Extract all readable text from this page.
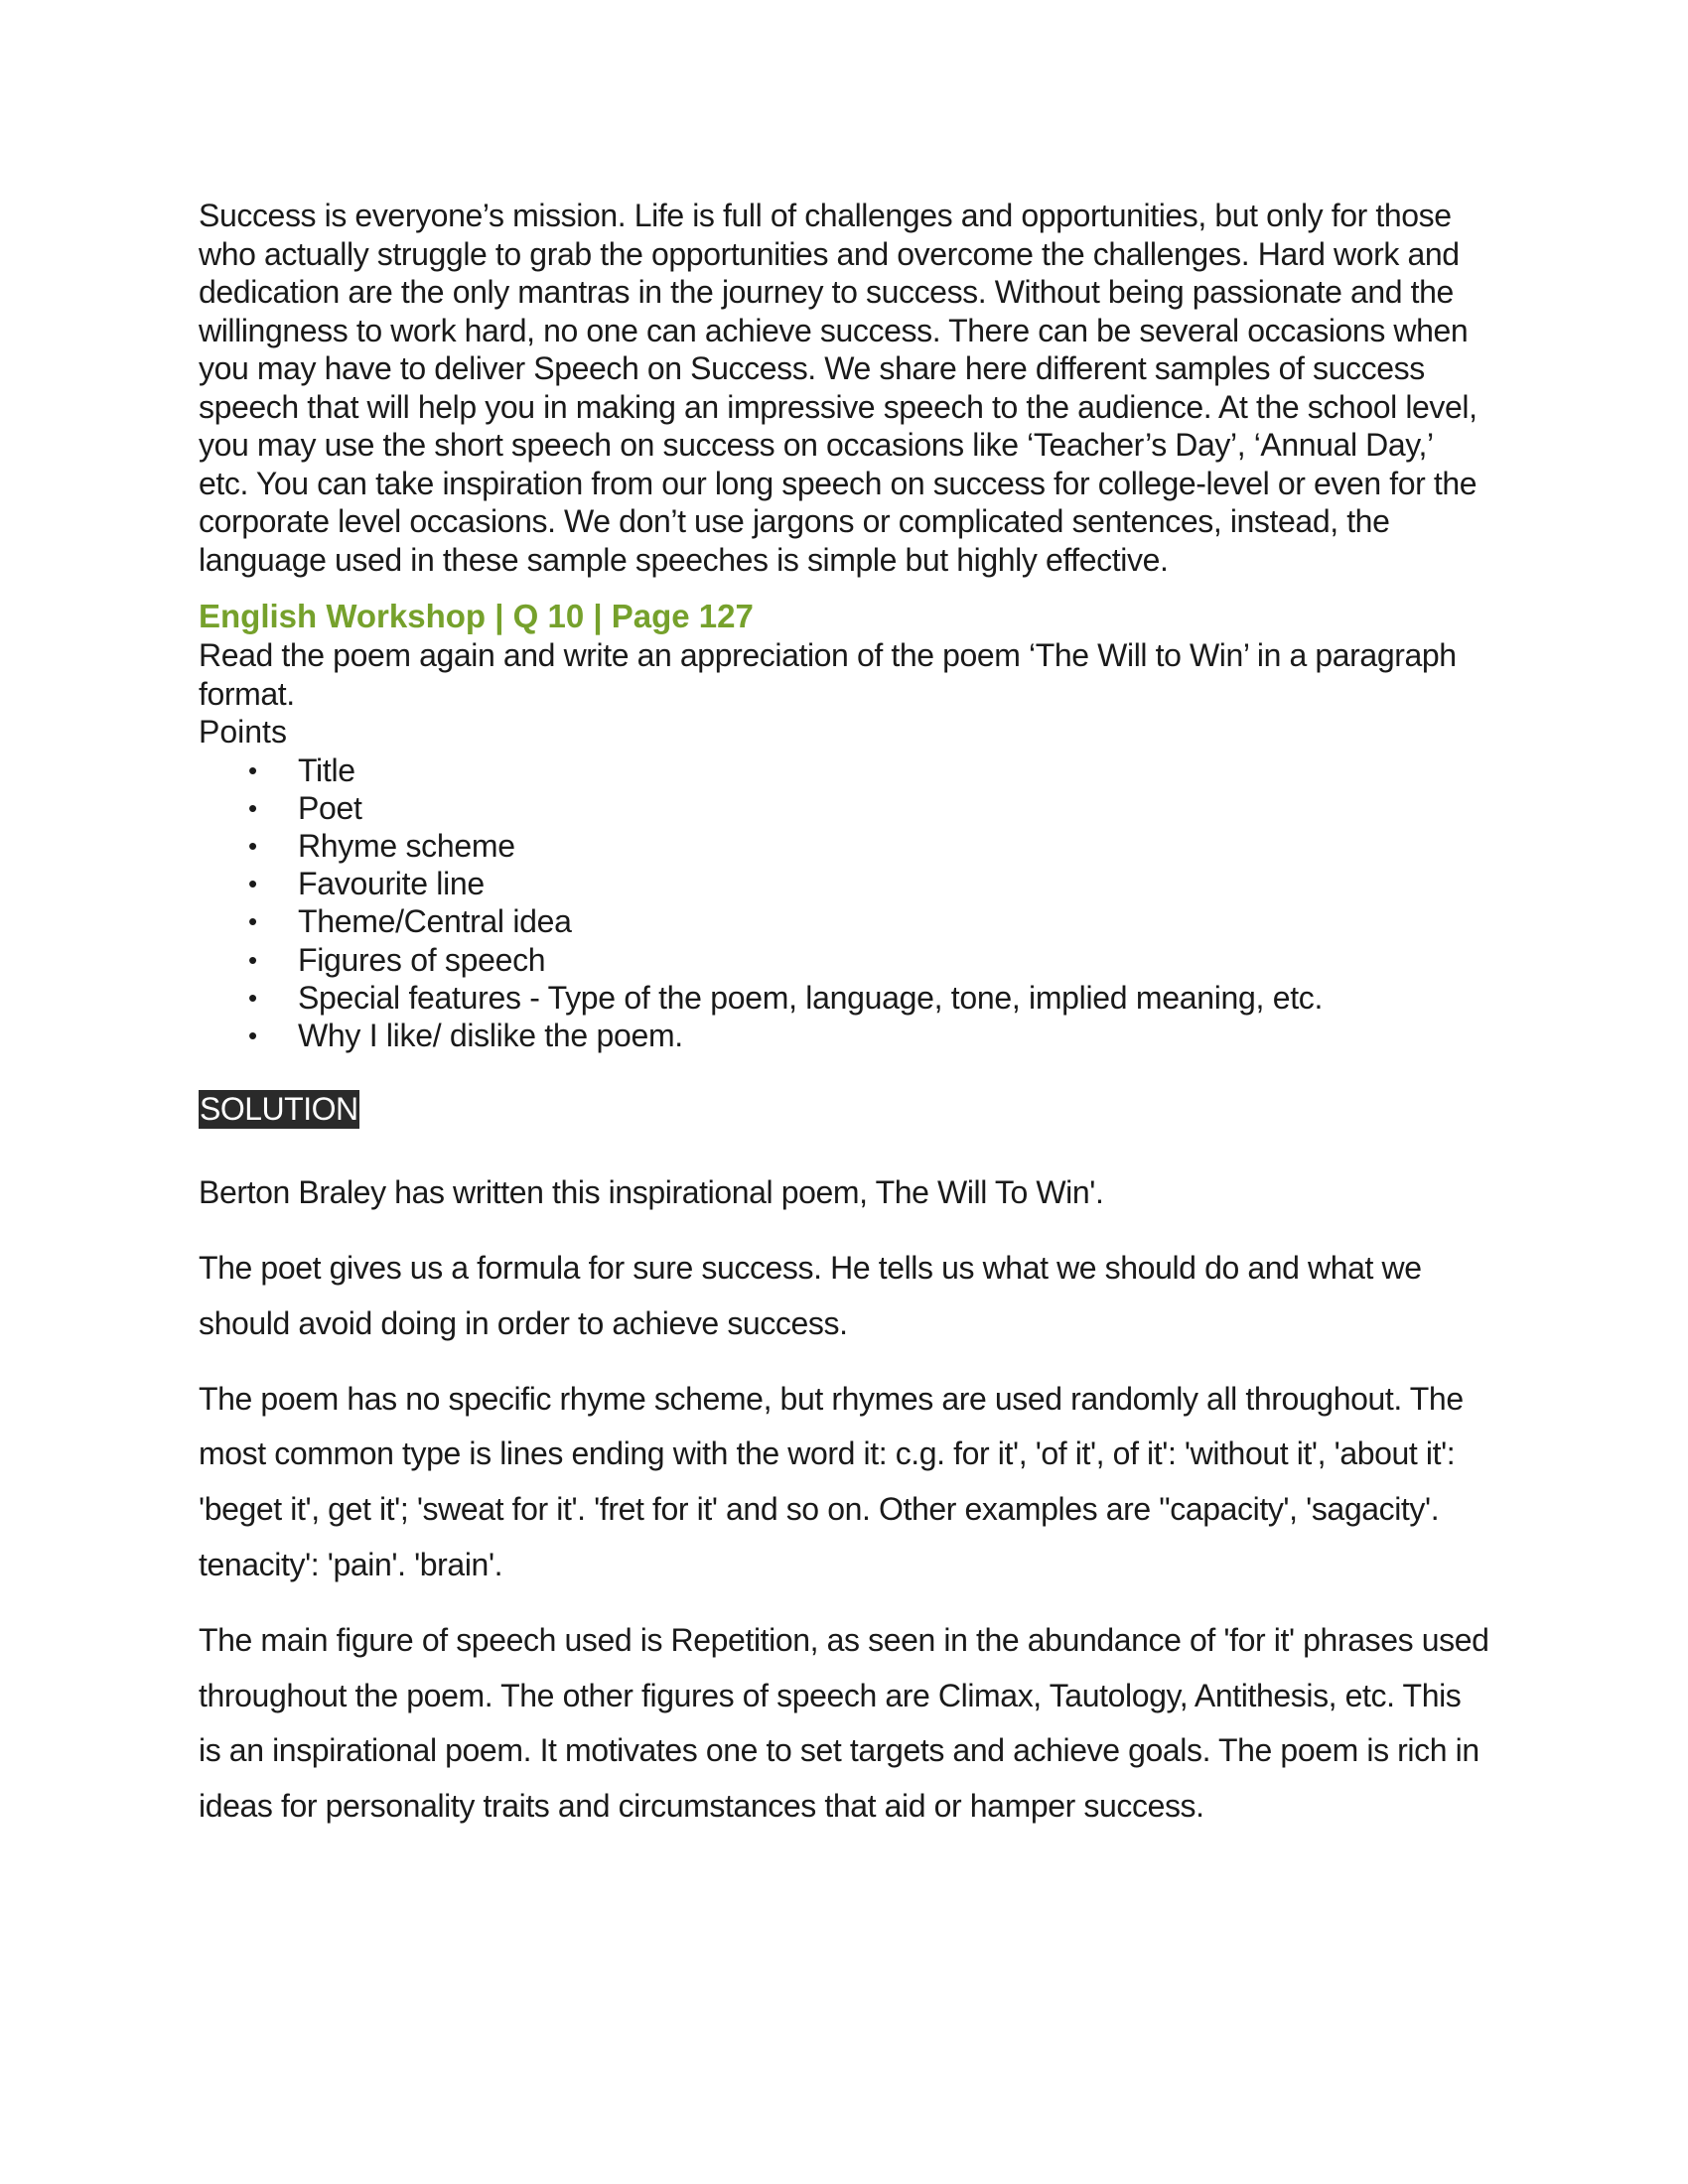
Success is everyone’s mission. Life is full of challenges and opportunities, but only for those who actually struggle to grab the opportunities and overcome the challenges. Hard work and dedication are the only mantras in the journey to success. Without being passionate and the willingness to work hard, no one can achieve success. There can be several occasions when you may have to deliver Speech on Success. We share here different samples of success speech that will help you in making an impressive speech to the audience. At the school level, you may use the short speech on success on occasions like ‘Teacher’s Day’, ‘Annual Day,’ etc. You can take inspiration from our long speech on success for college-level or even for the corporate level occasions. We don’t use jargons or complicated sentences, instead, the language used in these sample speeches is simple but highly effective.

English Workshop | Q 10 | Page 127

Read the poem again and write an appreciation of the poem ‘The Will to Win’ in a paragraph format.

Points

• Title
• Poet
• Rhyme scheme
• Favourite line
• Theme/Central idea
• Figures of speech
• Special features - Type of the poem, language, tone, implied meaning, etc.
• Why I like/ dislike the poem.
SOLUTION

Berton Braley has written this inspirational poem, The Will To Win'.

The poet gives us a formula for sure success. He tells us what we should do and what we should avoid doing in order to achieve success.

The poem has no specific rhyme scheme, but rhymes are used randomly all throughout. The most common type is lines ending with the word it: c.g. for it', 'of it', of it': 'without it', 'about it': 'beget it', get it'; 'sweat for it'. 'fret for it' and so on. Other examples are "capacity', 'sagacity'. tenacity': 'pain'. 'brain'.

The main figure of speech used is Repetition, as seen in the abundance of 'for it' phrases used throughout the poem. The other figures of speech are Climax, Tautology, Antithesis, etc. This is an inspirational poem. It motivates one to set targets and achieve goals. The poem is rich in ideas for personality traits and circumstances that aid or hamper success.
